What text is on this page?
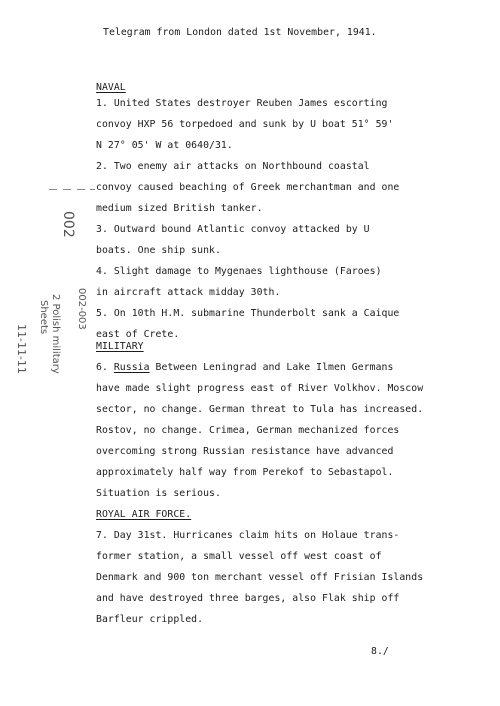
Telegram from London dated 1st November, 1941.
NAVAL
1. United States destroyer Reuben James escorting
convoy HXP 56 torpedoed and sunk by U boat 51° 59'
N 27° 05' W at 0640/31.
2. Two enemy air attacks on Northbound coastal
convoy caused beaching of Greek merchantman and one
medium sized British tanker.
3. Outward bound Atlantic convoy attacked by U
boats. One ship sunk.
4. Slight damage to Mygenaes lighthouse (Faroes)
in aircraft attack midday 30th.
5. On 10th H.M. submarine Thunderbolt sank a Caique
east of Crete.
MILITARY
6. Russia Between Leningrad and Lake Ilmen Germans
have made slight progress east of River Volkhov. Moscow
sector, no change. German threat to Tula has increased.
Rostov, no change. Crimea, German mechanized forces
overcoming strong Russian resistance have advanced
approximately half way from Perekof to Sebastapol.
Situation is serious.
ROYAL AIR FORCE.
7. Day 31st. Hurricanes claim hits on Holaue trans-
former station, a small vessel off west coast of
Denmark and 900 ton merchant vessel off Frisian Islands
and have destroyed three barges, also Flak ship off
Barfleur crippled.
8./
002
11-11-11
002-003
2 Polish military
Sheets
